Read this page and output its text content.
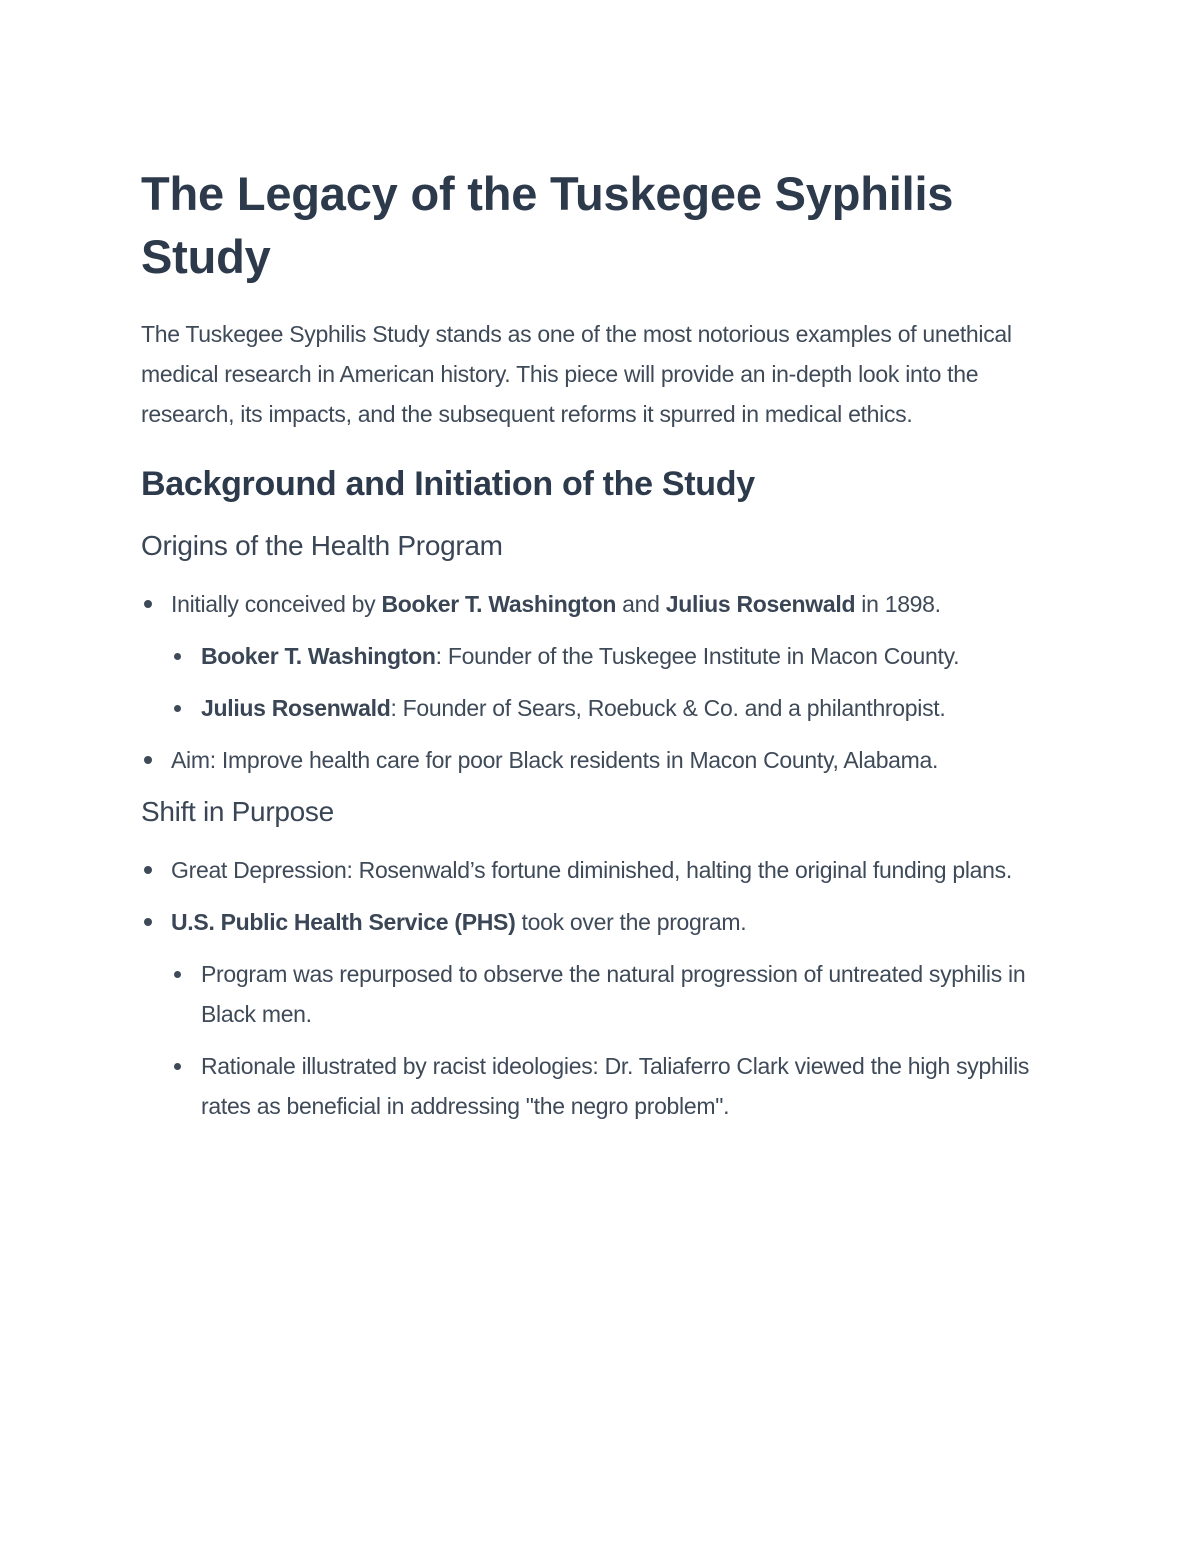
The Legacy of the Tuskegee Syphilis Study

The Tuskegee Syphilis Study stands as one of the most notorious examples of unethical medical research in American history. This piece will provide an in-depth look into the research, its impacts, and the subsequent reforms it spurred in medical ethics.

Background and Initiation of the Study
Origins of the Health Program
Initially conceived by Booker T. Washington and Julius Rosenwald in 1898.
Booker T. Washington: Founder of the Tuskegee Institute in Macon County.
Julius Rosenwald: Founder of Sears, Roebuck & Co. and a philanthropist.
Aim: Improve health care for poor Black residents in Macon County, Alabama.
Shift in Purpose
Great Depression: Rosenwald’s fortune diminished, halting the original funding plans.
U.S. Public Health Service (PHS) took over the program.
Program was repurposed to observe the natural progression of untreated syphilis in Black men.
Rationale illustrated by racist ideologies: Dr. Taliaferro Clark viewed the high syphilis rates as beneficial in addressing "the negro problem".
